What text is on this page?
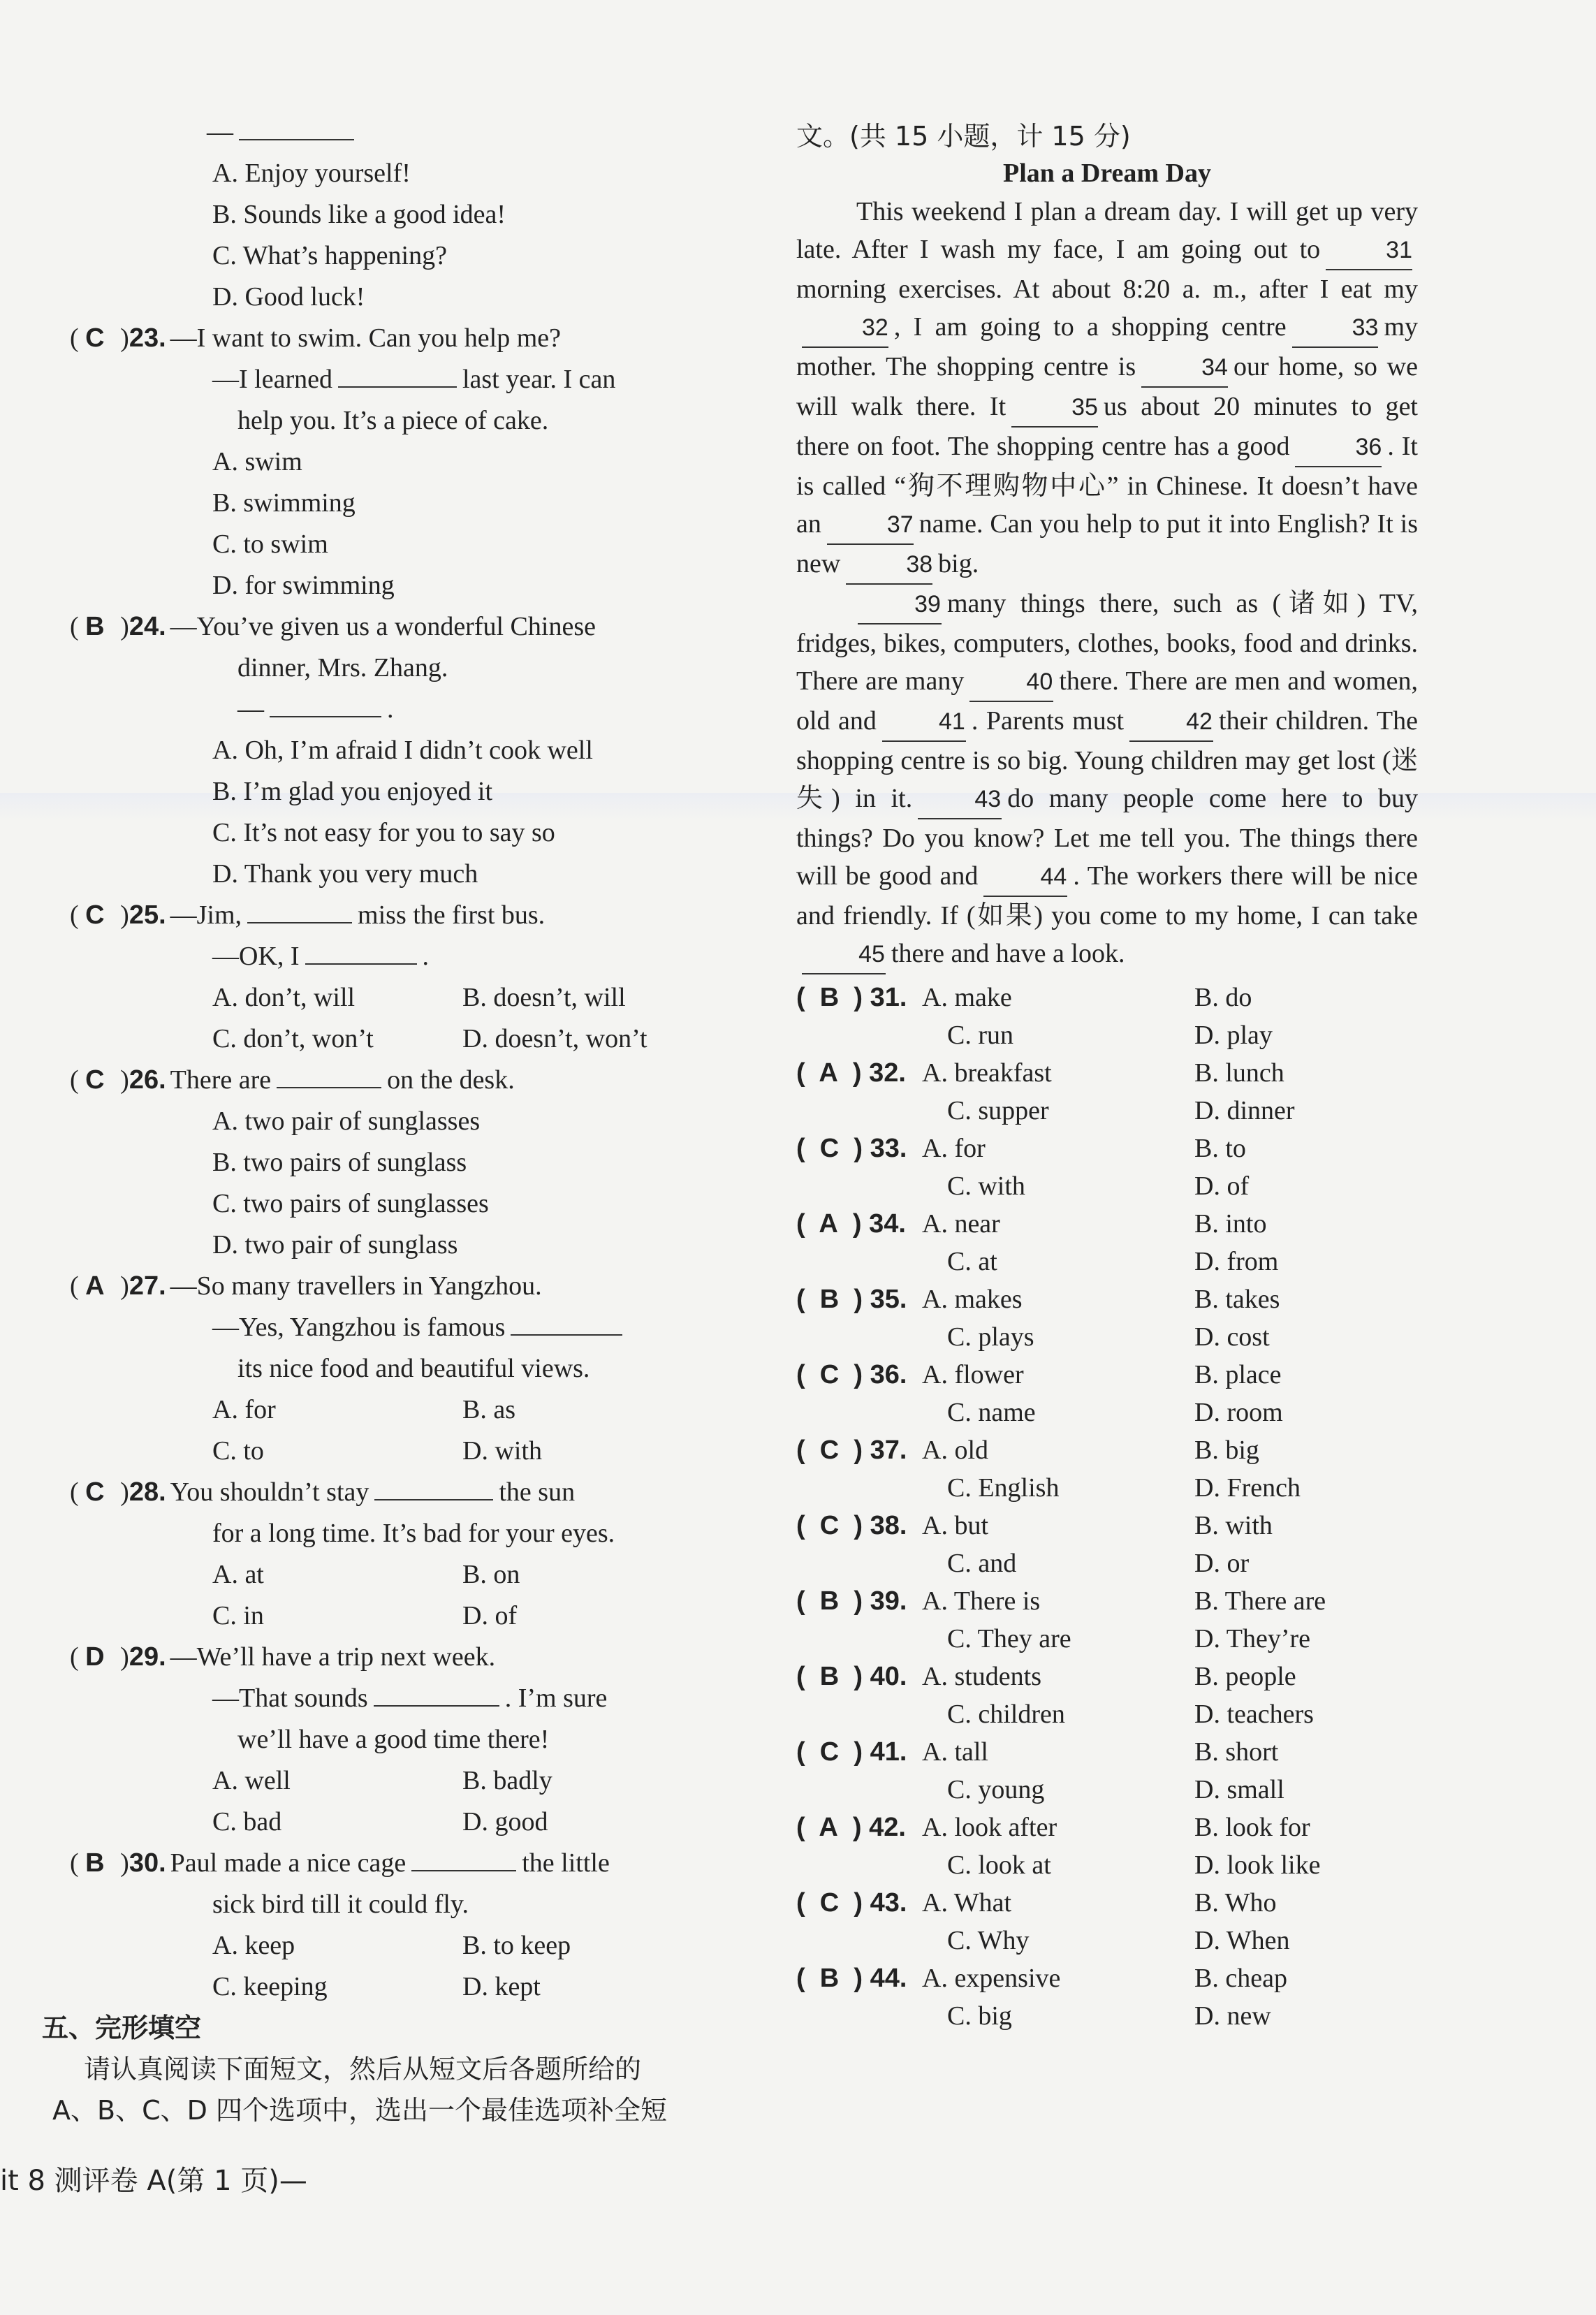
—
A. Enjoy yourself!
B. Sounds like a good idea!
C. What’s happening?
D. Good luck!
( C )23. —I want to swim. Can you help me?
—I learned	last year. I can
help you. It’s a piece of cake.
A. swim
B. swimming
C. to swim
D. for swimming
( B )24. —You’ve given us a wonderful Chinese
dinner, Mrs. Zhang.
—	.
A. Oh, I’m afraid I didn’t cook well
B. I’m glad you enjoyed it
C. It’s not easy for you to say so
D. Thank you very much
( C )25. —Jim,	miss the first bus.
—OK, I	.
A. don’t, will	B. doesn’t, will
C. don’t, won’t	D. doesn’t, won’t
( C )26. There are	on the desk.
A. two pair of sunglasses
B. two pairs of sunglass
C. two pairs of sunglasses
D. two pair of sunglass
( A )27. —So many travellers in Yangzhou.
—Yes, Yangzhou is famous
its nice food and beautiful views.
A. for	B. as
C. to	D. with
( C )28. You shouldn’t stay	the sun
for a long time. It’s bad for your eyes.
A. at	B. on
C. in	D. of
( D )29. —We’ll have a trip next week.
—That sounds	. I’m sure
we’ll have a good time there!
A. well	B. badly
C. bad	D. good
( B )30. Paul made a nice cage	the little
sick bird till it could fly.
A. keep	B. to keep
C. keeping	D. kept
五、完形填空
请认真阅读下面短文，然后从短文后各题所给的
A、B、C、D 四个选项中，选出一个最佳选项补全短
文。(共 15 小题，计 15 分)
Plan a Dream Day
This weekend I plan a dream day. I will get up very late. After I wash my face, I am going out to	31morning exercises. At about 8:20 a. m., after I eat my32 , I am going to a shopping centre	33 my mother. The shopping centre is	34 our home, so we will walk there. It	35 us about 20 minutes to get there on foot. The shopping centre has a good	36 . It is called “狗不理购物中心” in Chinese. It doesn’t have an	37 name. Can you help to put it into English? It is new	38 big.
39 many things there, such as (诸如) TV, fridges, bikes, computers, clothes, books, food and drinks. There are many	40 there. There are men and women, old and	41 . Parents must	42 their children. The shopping centre is so big. Young children may get lost (迷失) in it.	43 do many people come here to buy things? Do you know? Let me tell you. The things there will be good and	44 . The workers there will be nice and friendly. If (如果) you come to my home, I can take45 there and have a look.
(  B  ) 31. A. make	B. do
C. run	D. play
(  A  ) 32. A. breakfast	B. lunch
C. supper	D. dinner
(  C  ) 33. A. for	B. to
C. with	D. of
(  A  ) 34. A. near	B. into
C. at	D. from
(  B  ) 35. A. makes	B. takes
C. plays	D. cost
(  C  ) 36. A. flower	B. place
C. name	D. room
(  C  ) 37. A. old	B. big
C. English	D. French
(  C  ) 38. A. but	B. with
C. and	D. or
(  B  ) 39. A. There is	B. There are
C. They are	D. They’re
(  B  ) 40. A. students	B. people
C. children	D. teachers
(  C  ) 41. A. tall	B. short
C. young	D. small
(  A  ) 42. A. look after	B. look for
C. look at	D. look like
(  C  ) 43. A. What	B. Who
C. Why	D. When
(  B  ) 44. A. expensive	B. cheap
C. big	D. new
it 8 测评卷 A(第 1 页)—
